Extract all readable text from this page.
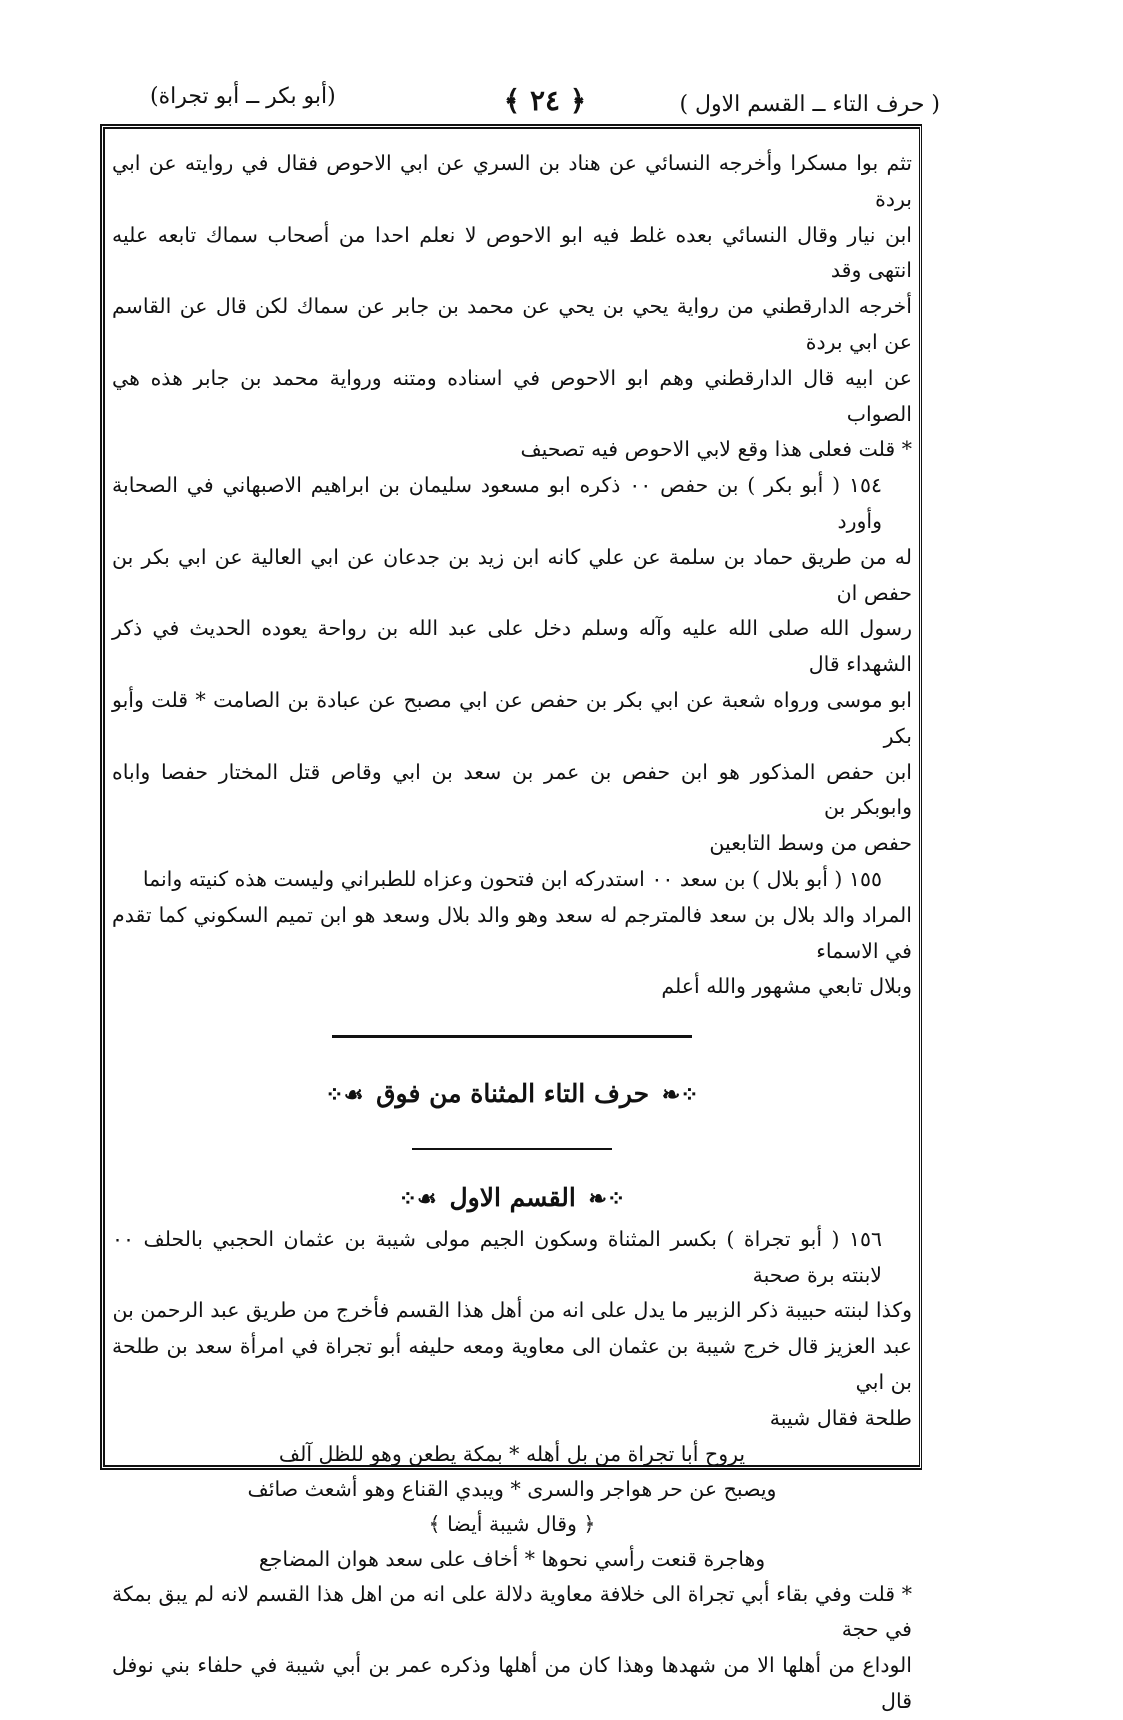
( حرف التاء ــ القسم الاول )
﴿ ٢٤ ﴾
(أبو بكر ــ أبو تجراة)

تثم بوا مسكرا وأخرجه النسائي عن هناد بن السري عن ابي الاحوص فقال في روايته عن ابي بردة

ابن نيار وقال النسائي بعده غلط فيه ابو الاحوص لا نعلم احدا من أصحاب سماك تابعه عليه انتهى وقد

أخرجه الدارقطني من رواية يحي بن يحي عن محمد بن جابر عن سماك لكن قال عن القاسم عن ابي بردة

عن ابيه قال الدارقطني وهم ابو الاحوص في اسناده ومتنه ورواية محمد بن جابر هذه هي الصواب

* قلت فعلى هذا وقع لابي الاحوص فيه تصحيف

١٥٤ ( أبو بكر ) بن حفص ٠٠ ذكره ابو مسعود سليمان بن ابراهيم الاصبهاني في الصحابة وأورد

له من طريق حماد بن سلمة عن علي كانه ابن زيد بن جدعان عن ابي العالية عن ابي بكر بن حفص ان

رسول الله صلى الله عليه وآله وسلم دخل على عبد الله بن رواحة يعوده الحديث في ذكر الشهداء قال

ابو موسى ورواه شعبة عن ابي بكر بن حفص عن ابي مصبح عن عبادة بن الصامت * قلت وأبو بكر

ابن حفص المذكور هو ابن حفص بن عمر بن سعد بن ابي وقاص قتل المختار حفصا واباه وابوبكر بن

حفص من وسط التابعين

١٥٥ ( أبو بلال ) بن سعد ٠٠ استدركه ابن فتحون وعزاه للطبراني وليست هذه كنيته وانما

المراد والد بلال بن سعد فالمترجم له سعد وهو والد بلال وسعد هو ابن تميم السكوني كما تقدم في الاسماء

وبلال تابعي مشهور والله أعلم

⁘❧ حرف التاء المثناة من فوق ☙⁘
⁘❧ القسم الاول ☙⁘

١٥٦ ( أبو تجراة ) بكسر المثناة وسكون الجيم مولى شيبة بن عثمان الحجبي بالحلف ٠٠ لابنته برة صحبة

وكذا لبنته حبيبة ذكر الزبير ما يدل على انه من أهل هذا القسم فأخرج من طريق عبد الرحمن بن

عبد العزيز قال خرج شيبة بن عثمان الى معاوية ومعه حليفه أبو تجراة في امرأة سعد بن طلحة بن ابي

طلحة فقال شيبة

يروح أبا تجراة من بل أهله * بمكة يطعن وهو للظل آلف

ويصبح عن حر هواجر والسرى * ويبدي القناع وهو أشعث صائف

﴿ وقال شيبة أيضا ﴾

وهاجرة قنعت رأسي نحوها * أخاف على سعد هوان المضاجع

* قلت وفي بقاء أبي تجراة الى خلافة معاوية دلالة على انه من اهل هذا القسم لانه لم يبق بمكة في حجة

الوداع من أهلها الا من شهدها وهذا كان من أهلها وذكره عمر بن أبي شيبة في حلفاء بني نوفل قال
